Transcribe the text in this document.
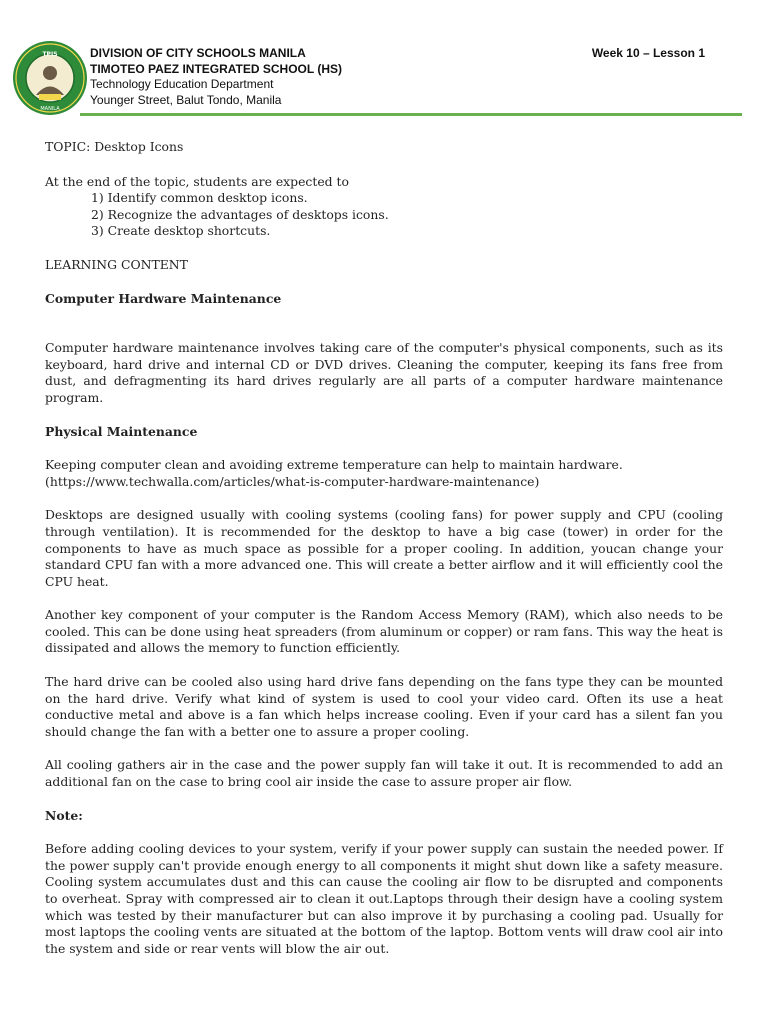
TPIS
MANILA
DIVISION OF CITY SCHOOLS MANILA
TIMOTEO PAEZ INTEGRATED SCHOOL (HS)
Technology Education Department
Younger Street, Balut Tondo, Manila
Week 10 – Lesson 1

TOPIC: Desktop Icons

At the end of the topic, students are expected to

1) Identify common desktop icons.

2) Recognize the advantages of desktops icons.

3) Create desktop shortcuts.

LEARNING CONTENT

Computer Hardware Maintenance

Computer hardware maintenance involves taking care of the computer's physical components, such as its keyboard, hard drive and internal CD or DVD drives. Cleaning the computer, keeping its fans free from dust, and defragmenting its hard drives regularly are all parts of a computer hardware maintenance program.

Physical Maintenance

Keeping computer clean and avoiding extreme temperature can help to maintain hardware.

(https://www.techwalla.com/articles/what-is-computer-hardware-maintenance)

Desktops are designed usually with cooling systems (cooling fans) for power supply and CPU (cooling through ventilation). It is recommended for the desktop to have a big case (tower) in order for the components to have as much space as possible for a proper cooling. In addition, youcan change your standard CPU fan with a more advanced one. This will create a better airflow and it will efficiently cool the CPU heat.

Another key component of your computer is the Random Access Memory (RAM), which also needs to be cooled. This can be done using heat spreaders (from aluminum or copper) or ram fans. This way the heat is dissipated and allows the memory to function efficiently.

The hard drive can be cooled also using hard drive fans depending on the fans type they can be mounted on the hard drive. Verify what kind of system is used to cool your video card. Often its use a heat conductive metal and above is a fan which helps increase cooling. Even if your card has a silent fan you should change the fan with a better one to assure a proper cooling.

All cooling gathers air in the case and the power supply fan will take it out. It is recommended to add an additional fan on the case to bring cool air inside the case to assure proper air flow.

Note:

Before adding cooling devices to your system, verify if your power supply can sustain the needed power. If the power supply can't provide enough energy to all components it might shut down like a safety measure. Cooling system accumulates dust and this can cause the cooling air flow to be disrupted and components to overheat. Spray with compressed air to clean it out.Laptops through their design have a cooling system which was tested by their manufacturer but can also improve it by purchasing a cooling pad. Usually for most laptops the cooling vents are situated at the bottom of the laptop. Bottom vents will draw cool air into the system and side or rear vents will blow the air out.
